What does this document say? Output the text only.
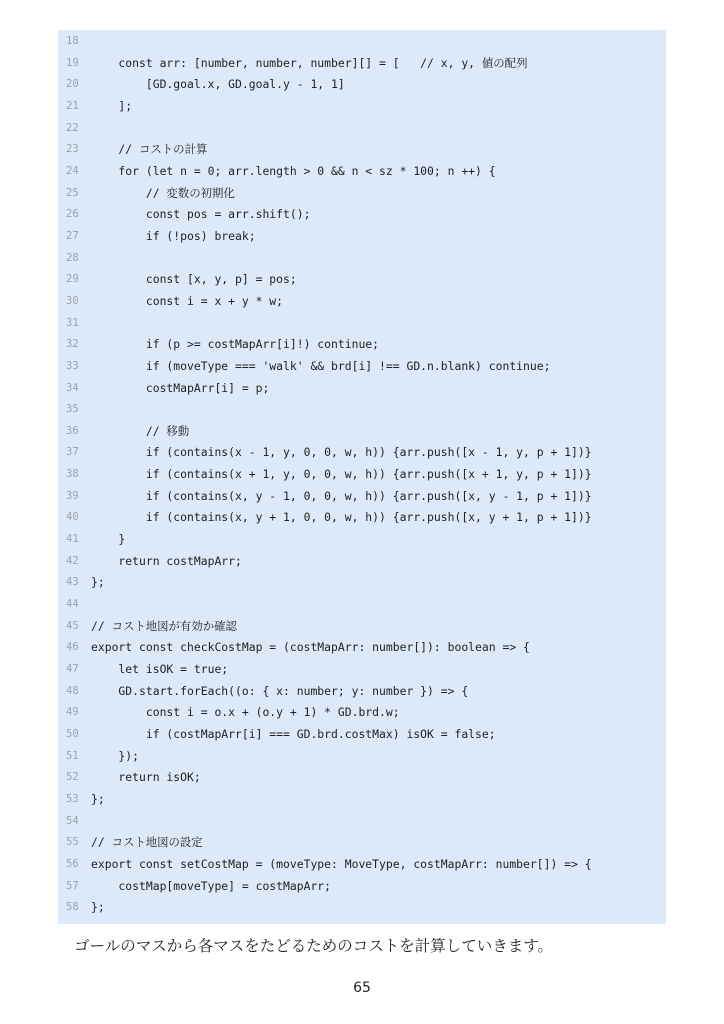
18
19	const arr: [number, number, number][] = [   // x, y, 値の配列
20	[GD.goal.x, GD.goal.y - 1, 1]
21	];
22
23	// コストの計算
24	for (let n = 0; arr.length > 0 && n < sz * 100; n ++) {
25	// 変数の初期化
26	const pos = arr.shift();
27	if (!pos) break;
28
29	const [x, y, p] = pos;
30	const i = x + y * w;
31
32	if (p >= costMapArr[i]!) continue;
33	if (moveType === 'walk' && brd[i] !== GD.n.blank) continue;
34	costMapArr[i] = p;
35
36	// 移動
37	if (contains(x - 1, y, 0, 0, w, h)) {arr.push([x - 1, y, p + 1])}
38	if (contains(x + 1, y, 0, 0, w, h)) {arr.push([x + 1, y, p + 1])}
39	if (contains(x, y - 1, 0, 0, w, h)) {arr.push([x, y - 1, p + 1])}
40	if (contains(x, y + 1, 0, 0, w, h)) {arr.push([x, y + 1, p + 1])}
41	}
42	return costMapArr;
43	};
44
45	// コスト地図が有効か確認
46	export const checkCostMap = (costMapArr: number[]): boolean => {
47	let isOK = true;
48	GD.start.forEach((o: { x: number; y: number }) => {
49	const i = o.x + (o.y + 1) * GD.brd.w;
50	if (costMapArr[i] === GD.brd.costMax) isOK = false;
51	});
52	return isOK;
53	};
54
55	// コスト地図の設定
56	export const setCostMap = (moveType: MoveType, costMapArr: number[]) => {
57	costMap[moveType] = costMapArr;
58	};
ゴールのマスから各マスをたどるためのコストを計算していきます。
65
